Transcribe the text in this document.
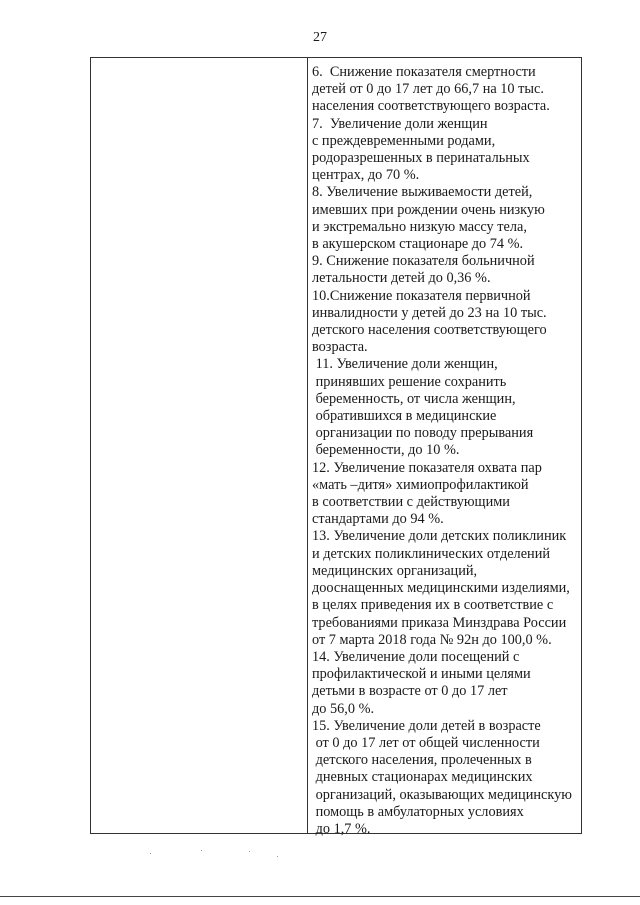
27
6.  Снижение показателя смертности
детей от 0 до 17 лет до 66,7 на 10 тыс.
населения соответствующего возраста.
7.  Увеличение доли женщин
с преждевременными родами,
родоразрешенных в перинатальных
центрах, до 70 %.
8. Увеличение выживаемости детей,
имевших при рождении очень низкую
и экстремально низкую массу тела,
в акушерском стационаре до 74 %.
9. Снижение показателя больничной
летальности детей до 0,36 %.
10.Снижение показателя первичной
инвалидности у детей до 23 на 10 тыс.
детского населения соответствующего
возраста.
11. Увеличение доли женщин,
принявших решение сохранить
беременность, от числа женщин,
обратившихся в медицинские
организации по поводу прерывания
беременности, до 10 %.
12. Увеличение показателя охвата пар
«мать –дитя» химиопрофилактикой
в соответствии с действующими
стандартами до 94 %.
13. Увеличение доли детских поликлиник
и детских поликлинических отделений
медицинских организаций,
дооснащенных медицинскими изделиями,
в целях приведения их в соответствие с
требованиями приказа Минздрава России
от 7 марта 2018 года № 92н до 100,0 %.
14. Увеличение доли посещений с
профилактической и иными целями
детьми в возрасте от 0 до 17 лет
до 56,0 %.
15. Увеличение доли детей в возрасте
от 0 до 17 лет от общей численности
детского населения, пролеченных в
дневных стационарах медицинских
организаций, оказывающих медицинскую
помощь в амбулаторных условиях
до 1,7 %.
